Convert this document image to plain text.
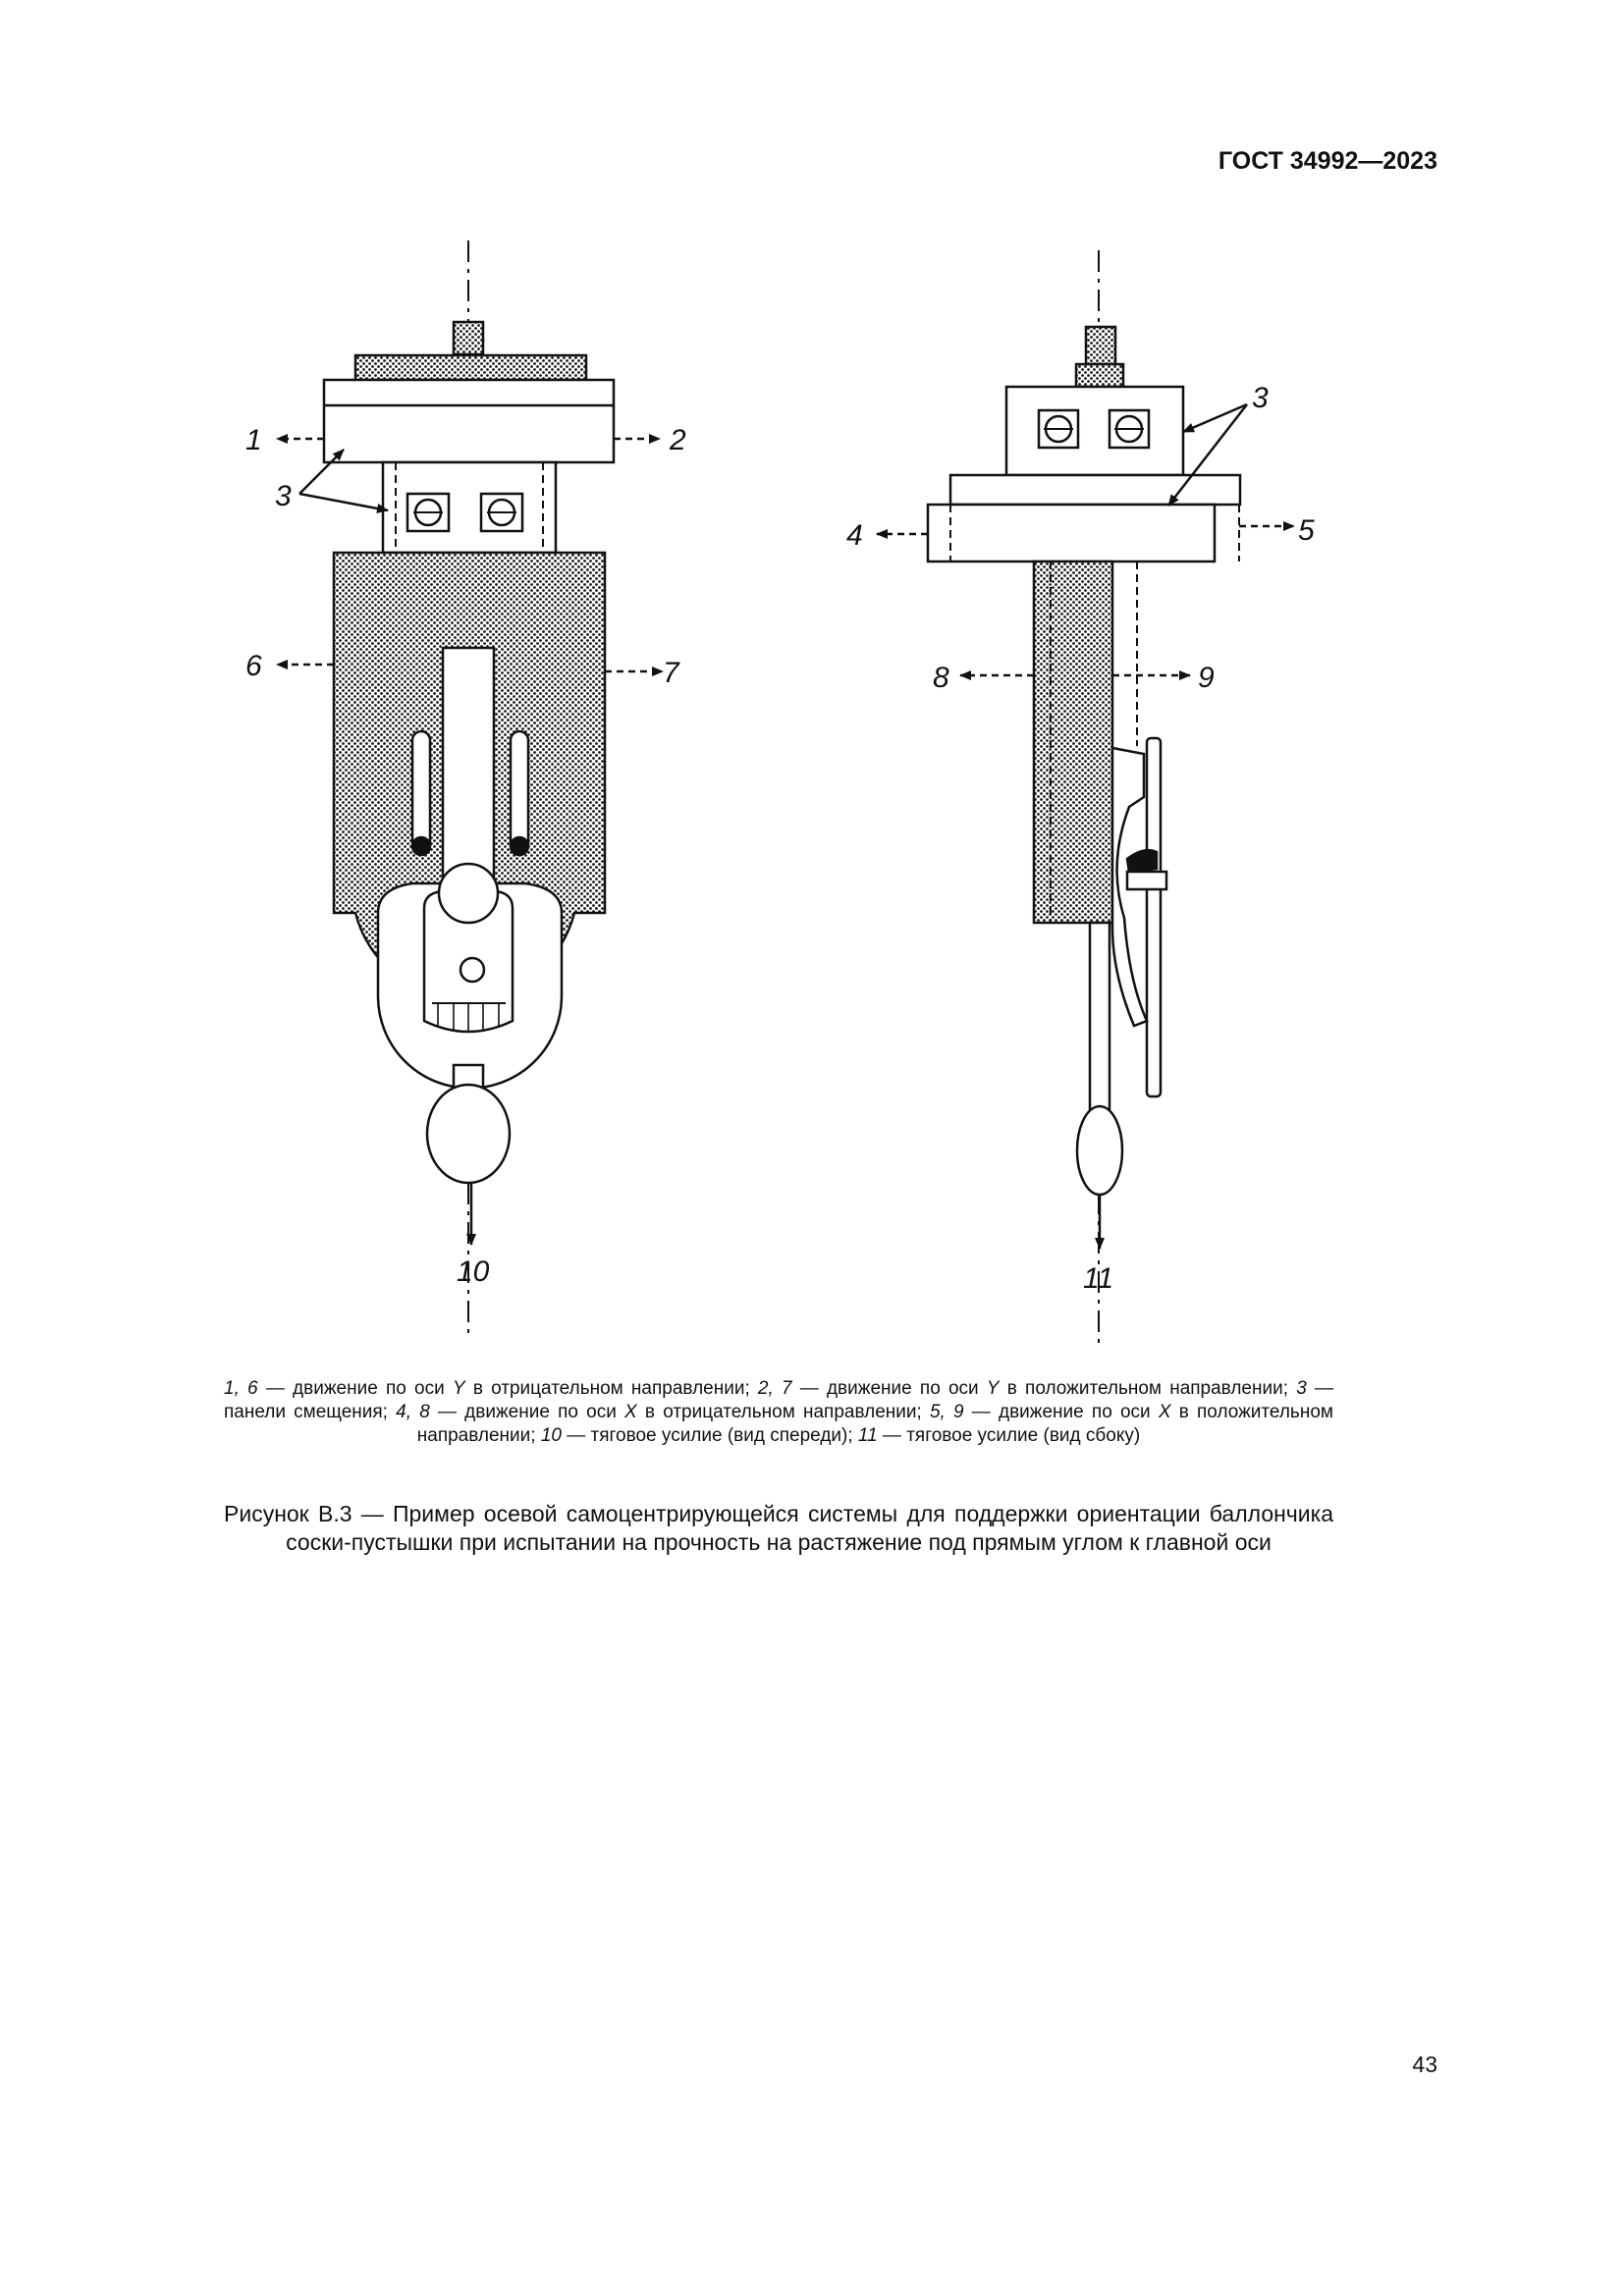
ГОСТ 34992—2023
1	2
3
3
4	5
6	7	8	9
10	11
1, 6 — движение по оси Y в отрицательном направлении; 2, 7 — движение по оси Y в положительном направлении; 3 — панели смещения; 4, 8 — движение по оси X в отрицательном направлении; 5, 9 — движение по оси X в положительном направлении; 10 — тяговое усилие (вид спереди); 11 — тяговое усилие (вид сбоку)
Рисунок В.3 — Пример осевой самоцентрирующейся системы для поддержки ориентации баллончика соски-пустышки при испытании на прочность на растяжение под прямым углом к главной оси
43
